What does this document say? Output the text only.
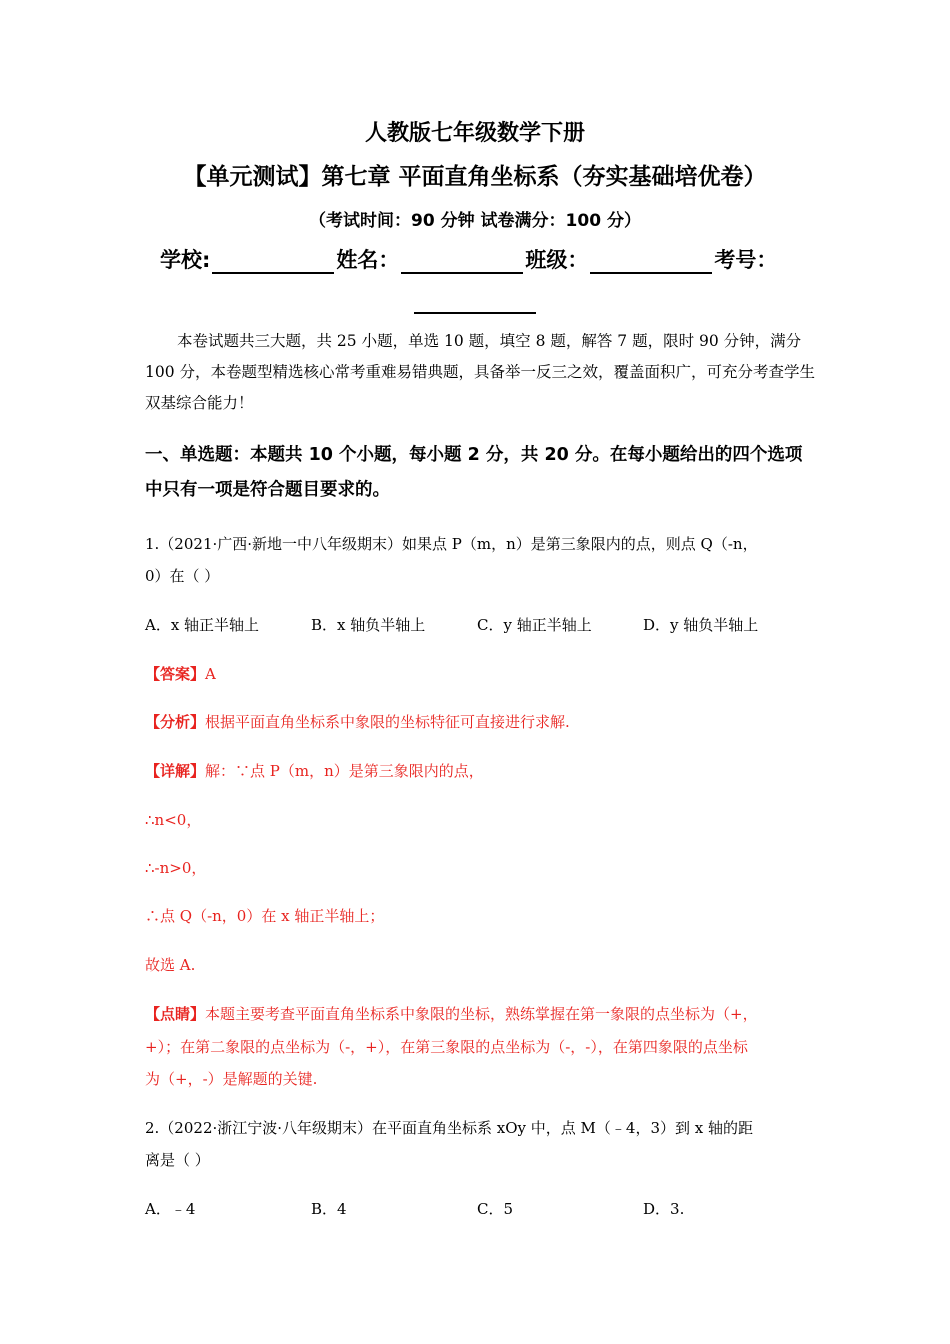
人教版七年级数学下册
【单元测试】第七章 平面直角坐标系（夯实基础培优卷）
（考试时间：90 分钟 试卷满分：100 分）
学校:	姓名：	班级：	考号：
本卷试题共三大题，共 25 小题，单选 10 题，填空 8 题，解答 7 题，限时 90 分钟，满分 100 分，本卷题型精选核心常考重难易错典题，具备举一反三之效，覆盖面积广，可充分考查学生双基综合能力！
一、单选题：本题共 10 个小题，每小题 2 分，共 20 分。在每小题给出的四个选项中只有一项是符合题目要求的。
1.（2021·广西·新地一中八年级期末）如果点 P（m，n）是第三象限内的点，则点 Q（-n，
0）在（ ）
A．x 轴正半轴上	B．x 轴负半轴上	C．y 轴正半轴上	D．y 轴负半轴上
【答案】A
【分析】根据平面直角坐标系中象限的坐标特征可直接进行求解.
【详解】解：∵点 P（m，n）是第三象限内的点，
∴n<0，
∴-n>0，
∴点 Q（-n，0）在 x 轴正半轴上；
故选 A.
【点睛】本题主要考查平面直角坐标系中象限的坐标，熟练掌握在第一象限的点坐标为（+，
+）；在第二象限的点坐标为（-，+），在第三象限的点坐标为（-，-），在第四象限的点坐标
为（+，-）是解题的关键.
2.（2022·浙江宁波·八年级期末）在平面直角坐标系 xOy 中，点 M（﹣4，3）到 x 轴的距
离是（ ）
A．﹣4	B．4	C．5	D．3.
